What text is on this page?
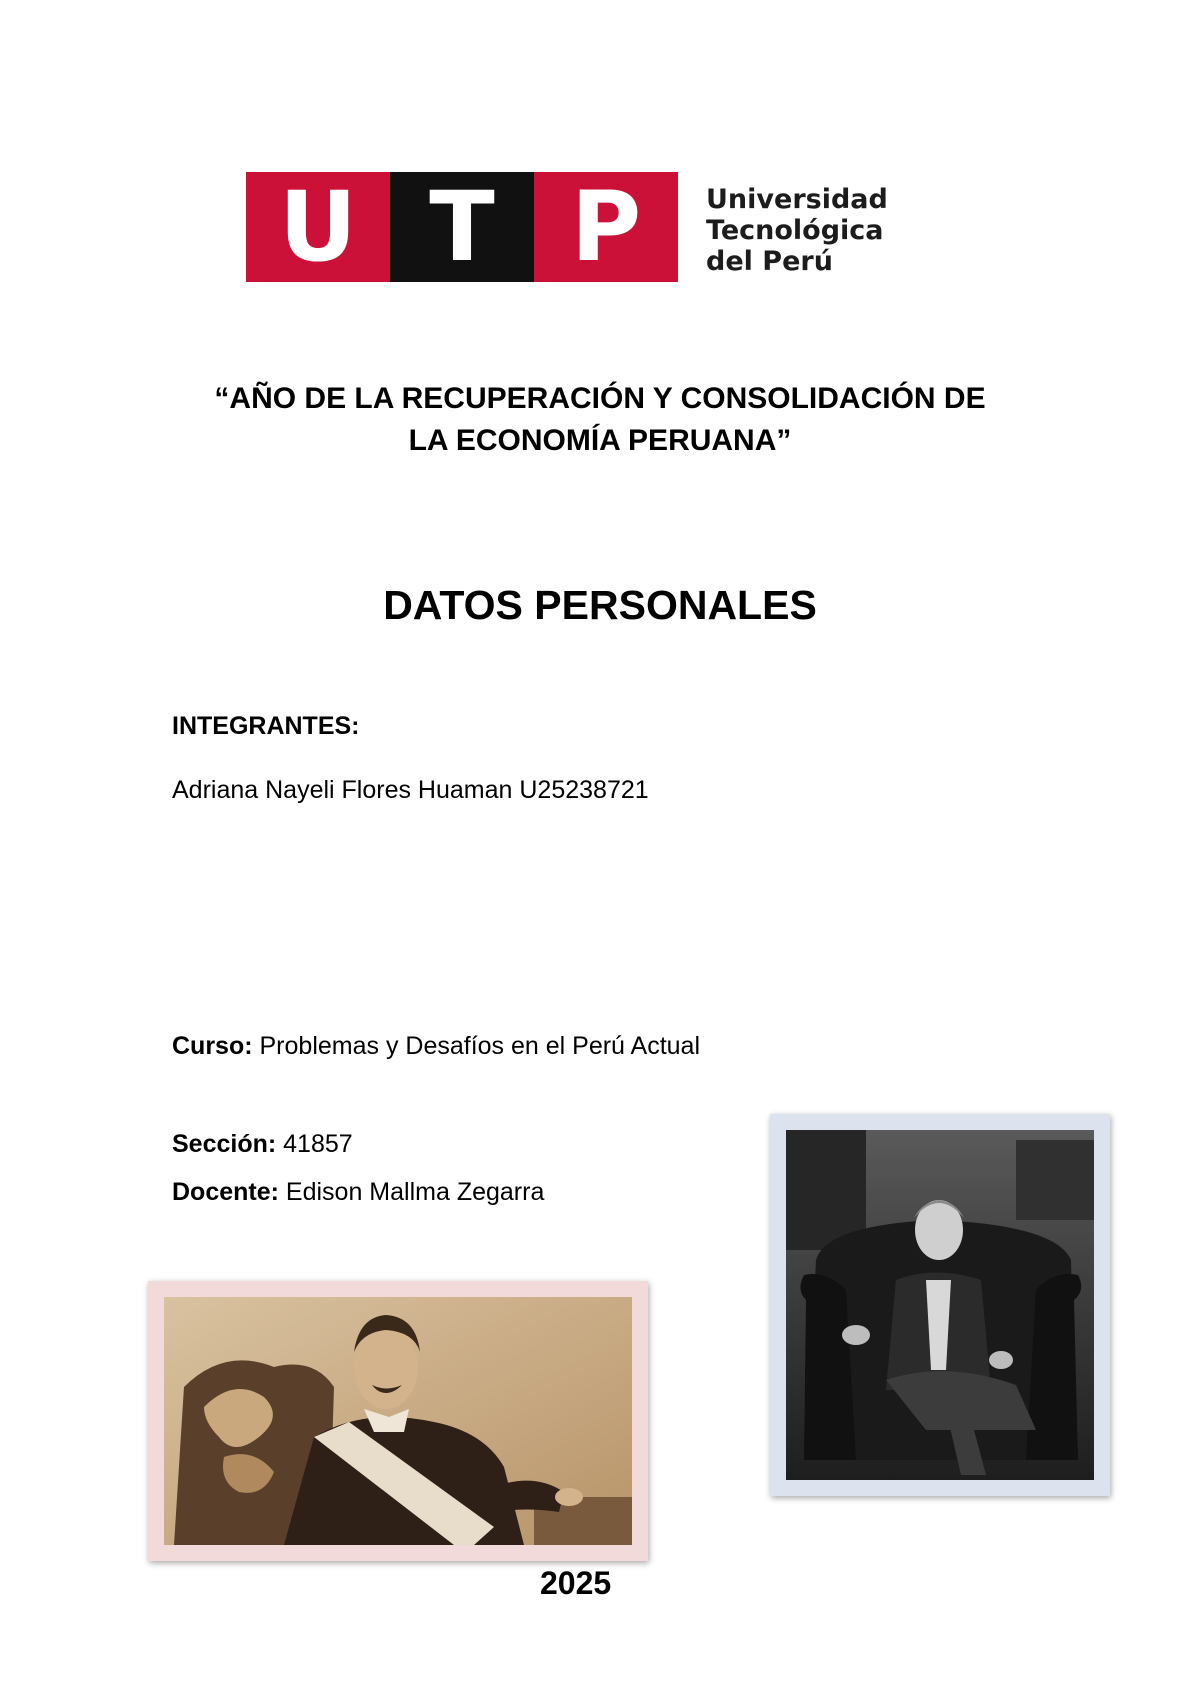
U T P	Universidad
Tecnológica
del Perú
“AÑO DE LA RECUPERACIÓN Y CONSOLIDACIÓN DE
LA ECONOMÍA PERUANA”
DATOS PERSONALES
INTEGRANTES:
Adriana Nayeli Flores Huaman U25238721
Curso: Problemas y Desafíos en el Perú Actual
Sección: 41857
Docente: Edison Mallma Zegarra
2025
